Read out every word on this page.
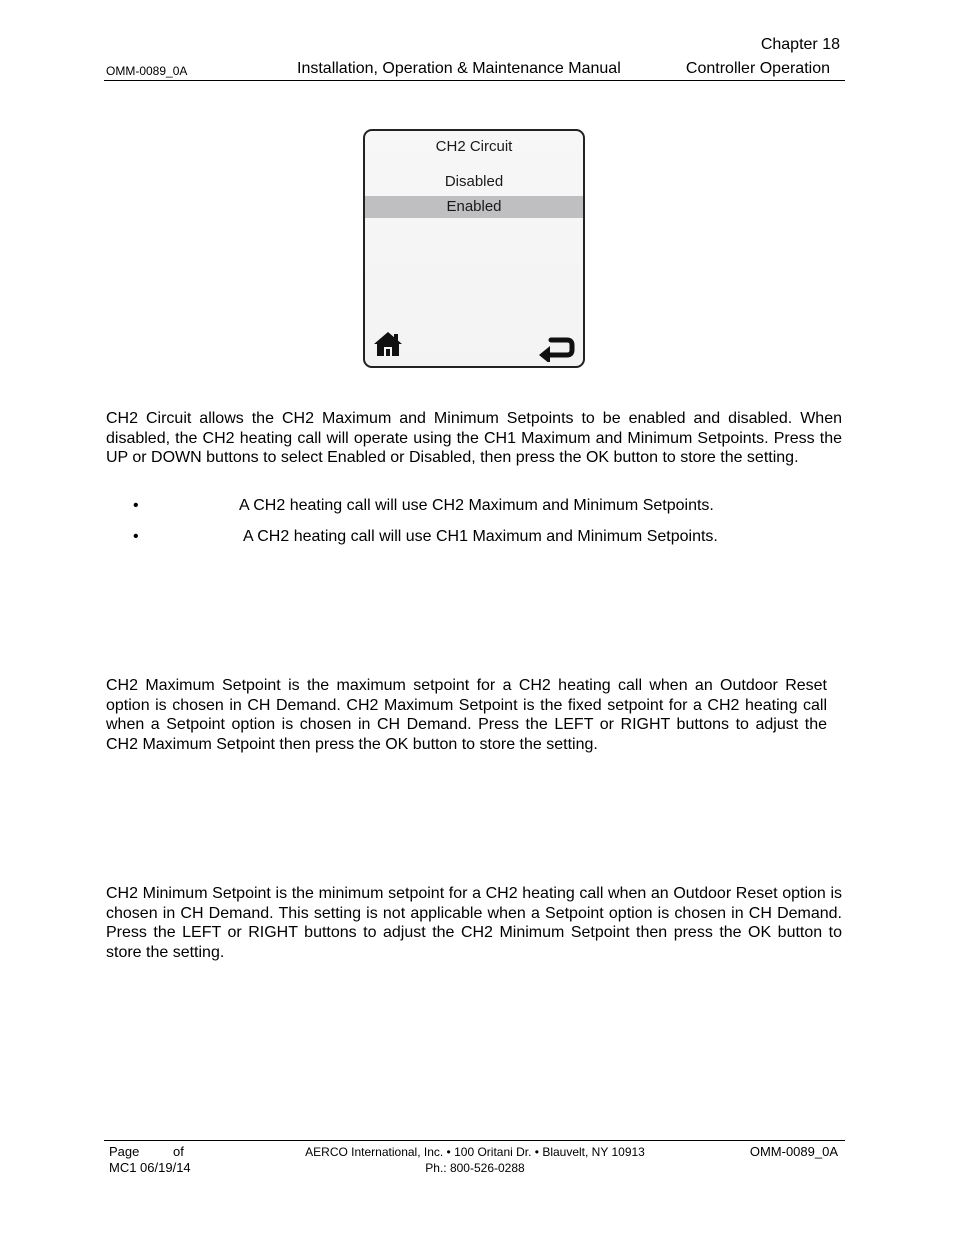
Chapter 18
OMM-0089_0A	Installation, Operation & Maintenance Manual	Controller Operation
CH2 Circuit
Disabled
Enabled

CH2 Circuit allows the CH2 Maximum and Minimum Setpoints to be enabled and disabled. When disabled, the CH2 heating call will operate using the CH1 Maximum and Minimum Setpoints. Press the UP or DOWN buttons to select Enabled or Disabled, then press the OK button to store the setting.

•	A CH2 heating call will use CH2 Maximum and Minimum Setpoints.
•	A CH2 heating call will use CH1 Maximum and Minimum Setpoints.

CH2 Maximum Setpoint is the maximum setpoint for a CH2 heating call when an Outdoor Reset option is chosen in CH Demand. CH2 Maximum Setpoint is the fixed setpoint for a CH2 heating call when a Setpoint option is chosen in CH Demand. Press the LEFT or RIGHT buttons to adjust the CH2 Maximum Setpoint then press the OK button to store the setting.

CH2 Minimum Setpoint is the minimum setpoint for a CH2 heating call when an Outdoor Reset option is chosen in CH Demand. This setting is not applicable when a Setpoint option is chosen in CH Demand. Press the LEFT or RIGHT buttons to adjust the CH2 Minimum Setpoint then press the OK button to store the setting.

Page	of
MC1 06/19/14
AERCO International, Inc. • 100 Oritani Dr. • Blauvelt, NY 10913
Ph.: 800-526-0288
OMM-0089_0A
